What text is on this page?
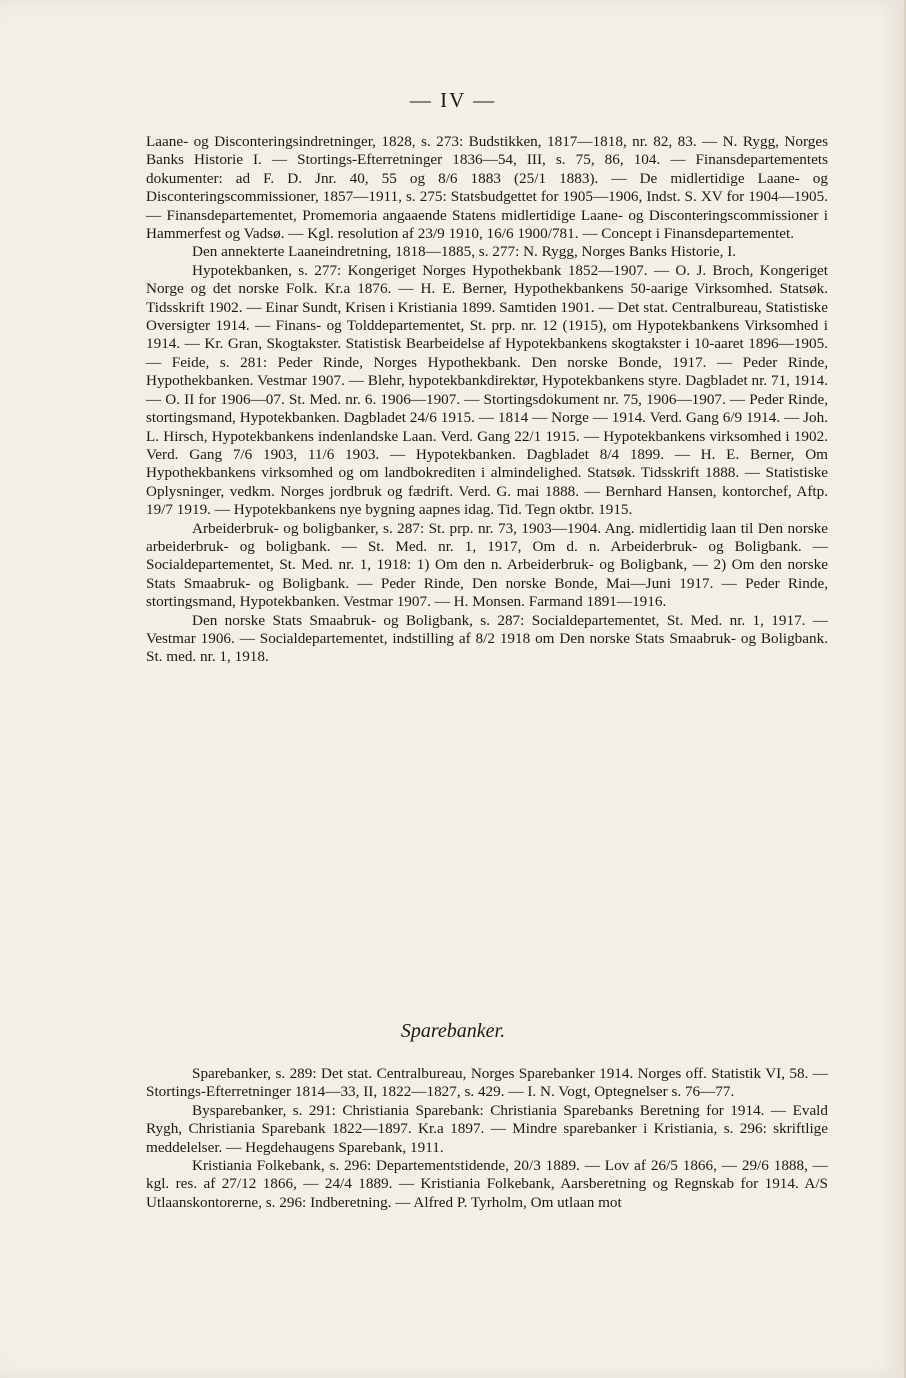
— IV —

Laane- og Disconteringsindretninger, 1828, s. 273: Budstikken, 1817—1818, nr. 82, 83. — N. Rygg, Norges Banks Historie I. — Stortings-Efterretninger 1836—54, III, s. 75, 86, 104. — Finansdepartementets dokumenter: ad F. D. Jnr. 40, 55 og 8/6 1883 (25/1 1883). — De midlertidige Laane- og Disconteringscommissioner, 1857—1911, s. 275: Statsbudgettet for 1905—1906, Indst. S. XV for 1904—1905. — Finansdepartementet, Promemoria angaaende Statens midlertidige Laane- og Disconteringscommissioner i Hammerfest og Vadsø. — Kgl. resolution af 23/9 1910, 16/6 1900/781. — Concept i Finansdepartementet.

Den annekterte Laaneindretning, 1818—1885, s. 277: N. Rygg, Norges Banks Historie, I.

Hypotekbanken, s. 277: Kongeriget Norges Hypothekbank 1852—1907. — O. J. Broch, Kongeriget Norge og det norske Folk. Kr.a 1876. — H. E. Berner, Hypothekbankens 50-aarige Virksomhed. Statsøk. Tidsskrift 1902. — Einar Sundt, Krisen i Kristiania 1899. Samtiden 1901. — Det stat. Centralbureau, Statistiske Oversigter 1914. — Finans- og Tolddepartementet, St. prp. nr. 12 (1915), om Hypotekbankens Virksomhed i 1914. — Kr. Gran, Skogtakster. Statistisk Bearbeidelse af Hypotekbankens skogtakster i 10-aaret 1896—1905. — Feide, s. 281: Peder Rinde, Norges Hypothekbank. Den norske Bonde, 1917. — Peder Rinde, Hypothekbanken. Vestmar 1907. — Blehr, hypotekbankdirektør, Hypotekbankens styre. Dagbladet nr. 71, 1914. — O. II for 1906—07. St. Med. nr. 6. 1906—1907. — Stortingsdokument nr. 75, 1906—1907. — Peder Rinde, stortingsmand, Hypotekbanken. Dagbladet 24/6 1915. — 1814 — Norge — 1914. Verd. Gang 6/9 1914. — Joh. L. Hirsch, Hypotekbankens indenlandske Laan. Verd. Gang 22/1 1915. — Hypotekbankens virksomhed i 1902. Verd. Gang 7/6 1903, 11/6 1903. — Hypotekbanken. Dagbladet 8/4 1899. — H. E. Berner, Om Hypothekbankens virksomhed og om landbokrediten i almindelighed. Statsøk. Tidsskrift 1888. — Statistiske Oplysninger, vedkm. Norges jordbruk og fædrift. Verd. G. mai 1888. — Bernhard Hansen, kontorchef, Aftp. 19/7 1919. — Hypotekbankens nye bygning aapnes idag. Tid. Tegn oktbr. 1915.

Arbeiderbruk- og boligbanker, s. 287: St. prp. nr. 73, 1903—1904. Ang. midlertidig laan til Den norske arbeiderbruk- og boligbank. — St. Med. nr. 1, 1917, Om d. n. Arbeiderbruk- og Boligbank. — Socialdepartementet, St. Med. nr. 1, 1918: 1) Om den n. Arbeiderbruk- og Boligbank, — 2) Om den norske Stats Smaabruk- og Boligbank. — Peder Rinde, Den norske Bonde, Mai—Juni 1917. — Peder Rinde, stortingsmand, Hypotekbanken. Vestmar 1907. — H. Monsen. Farmand 1891—1916.

Den norske Stats Smaabruk- og Boligbank, s. 287: Socialdepartementet, St. Med. nr. 1, 1917. — Vestmar 1906. — Socialdepartementet, indstilling af 8/2 1918 om Den norske Stats Smaabruk- og Boligbank. St. med. nr. 1, 1918.

Sparebanker.

Sparebanker, s. 289: Det stat. Centralbureau, Norges Sparebanker 1914. Norges off. Statistik VI, 58. — Stortings-Efterretninger 1814—33, II, 1822—1827, s. 429. — I. N. Vogt, Optegnelser s. 76—77.

Bysparebanker, s. 291: Christiania Sparebank: Christiania Sparebanks Beretning for 1914. — Evald Rygh, Christiania Sparebank 1822—1897. Kr.a 1897. — Mindre sparebanker i Kristiania, s. 296: skriftlige meddelelser. — Hegdehaugens Sparebank, 1911.

Kristiania Folkebank, s. 296: Departementstidende, 20/3 1889. — Lov af 26/5 1866, — 29/6 1888, — kgl. res. af 27/12 1866, — 24/4 1889. — Kristiania Folkebank, Aarsberetning og Regnskab for 1914. A/S Utlaanskontorerne, s. 296: Indberetning. — Alfred P. Tyrholm, Om utlaan mot
